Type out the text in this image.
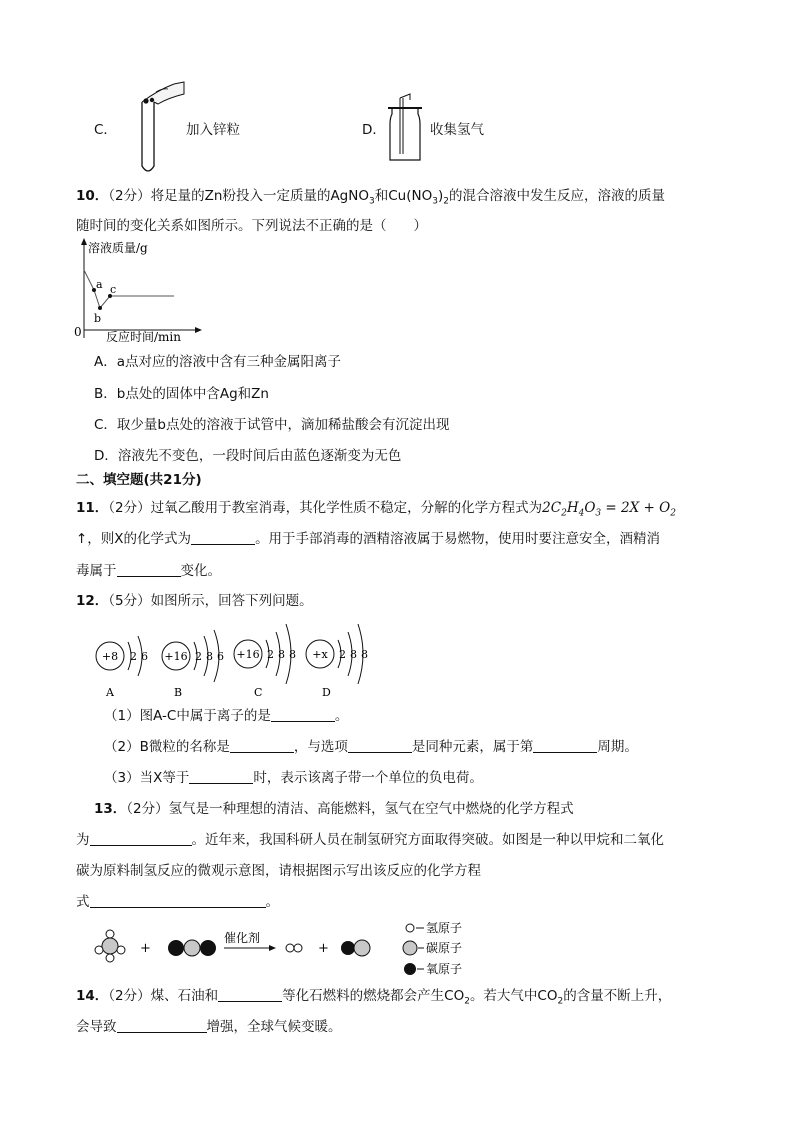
C．	加入锌粒	D．	收集氢气
10．（2分）将足量的Zn粉投入一定质量的AgNO$_3$和$Cu(NO_3)_2$的混合溶液中发生反应，溶液的质量
随时间的变化关系如图所示。下列说法不正确的是（　　）
溶液质量/g
反应时间/min
0
a
b
c
A．a点对应的溶液中含有三种金属阳离子
B．b点处的固体中含Ag和Zn
C．取少量b点处的溶液于试管中，滴加稀盐酸会有沉淀出现
D．溶液先不变色，一段时间后由蓝色逐渐变为无色
二、填空题(共21分)
11．（2分）过氧乙酸用于教室消毒，其化学性质不稳定，分解的化学方程式为$2C_2H_4O_3 = 2X + O_2$
↑，则X的化学式为	。用于手部消毒的酒精溶液属于易燃物，使用时要注意安全，酒精消
毒属于	变化。
12．（5分）如图所示，回答下列问题。
+8 2 6
A
+16 2 8 6
B
+16 2 8 8
C
+x 2 8 8
D
（1）图A-C中属于离子的是	。
（2）B微粒的名称是	，与选项	是同种元素，属于第	周期。
（3）当X等于	时，表示该离子带一个单位的负电荷。
13．（2分）氢气是一种理想的清洁、高能燃料，氢气在空气中燃烧的化学方程式
为	。近年来，我国科研人员在制氢研究方面取得突破。如图是一种以甲烷和二氧化
碳为原料制氢反应的微观示意图，请根据图示写出该反应的化学方程
式	。
+
催化剂
+
氢原子
碳原子
氧原子
14．（2分）煤、石油和	等化石燃料的燃烧都会产生$CO_2$。若大气中$CO_2$的含量不断上升，
会导致	增强，全球气候变暖。
